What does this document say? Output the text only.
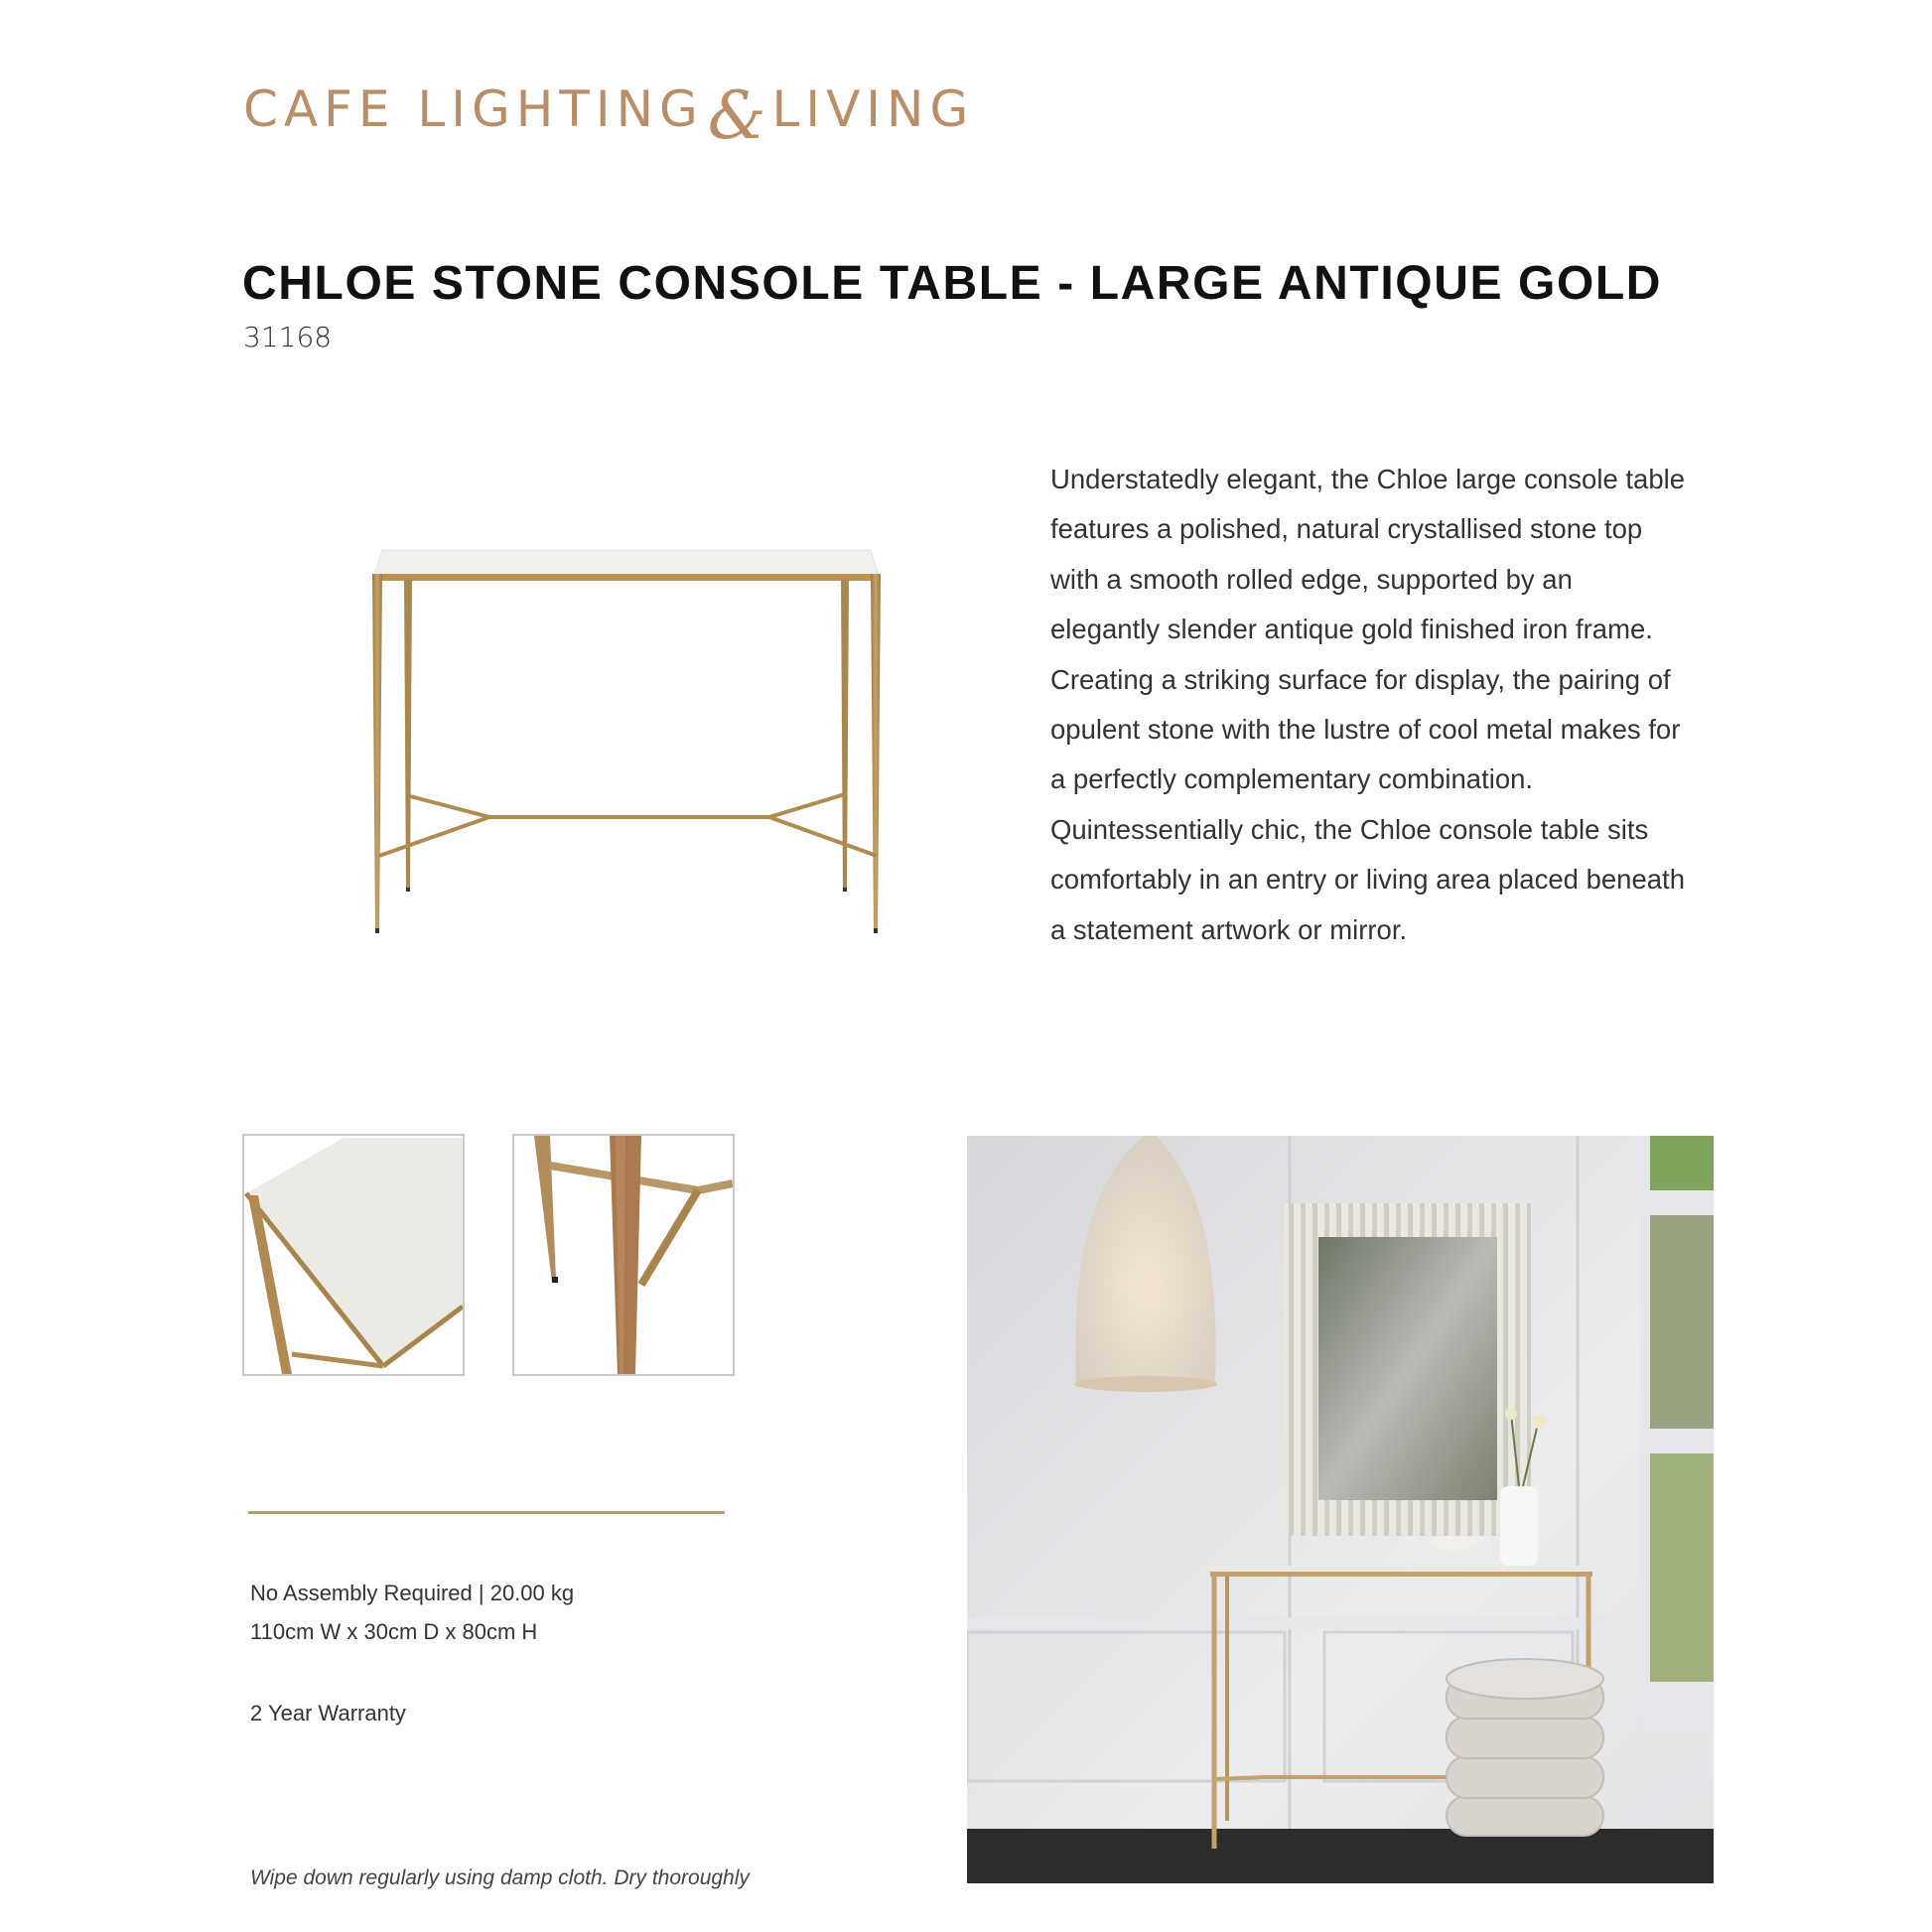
CAFE LIGHTING & LIVING
CHLOE STONE CONSOLE TABLE - LARGE ANTIQUE GOLD
31168
Understatedly elegant, the Chloe large console table features a polished, natural crystallised stone top with a smooth rolled edge, supported by an elegantly slender antique gold finished iron frame. Creating a striking surface for display, the pairing of opulent stone with the lustre of cool metal makes for a perfectly complementary combination. Quintessentially chic, the Chloe console table sits comfortably in an entry or living area placed beneath a statement artwork or mirror.
No Assembly Required | 20.00 kg
110cm W x 30cm D x 80cm H
2 Year Warranty
Wipe down regularly using damp cloth. Dry thoroughly
